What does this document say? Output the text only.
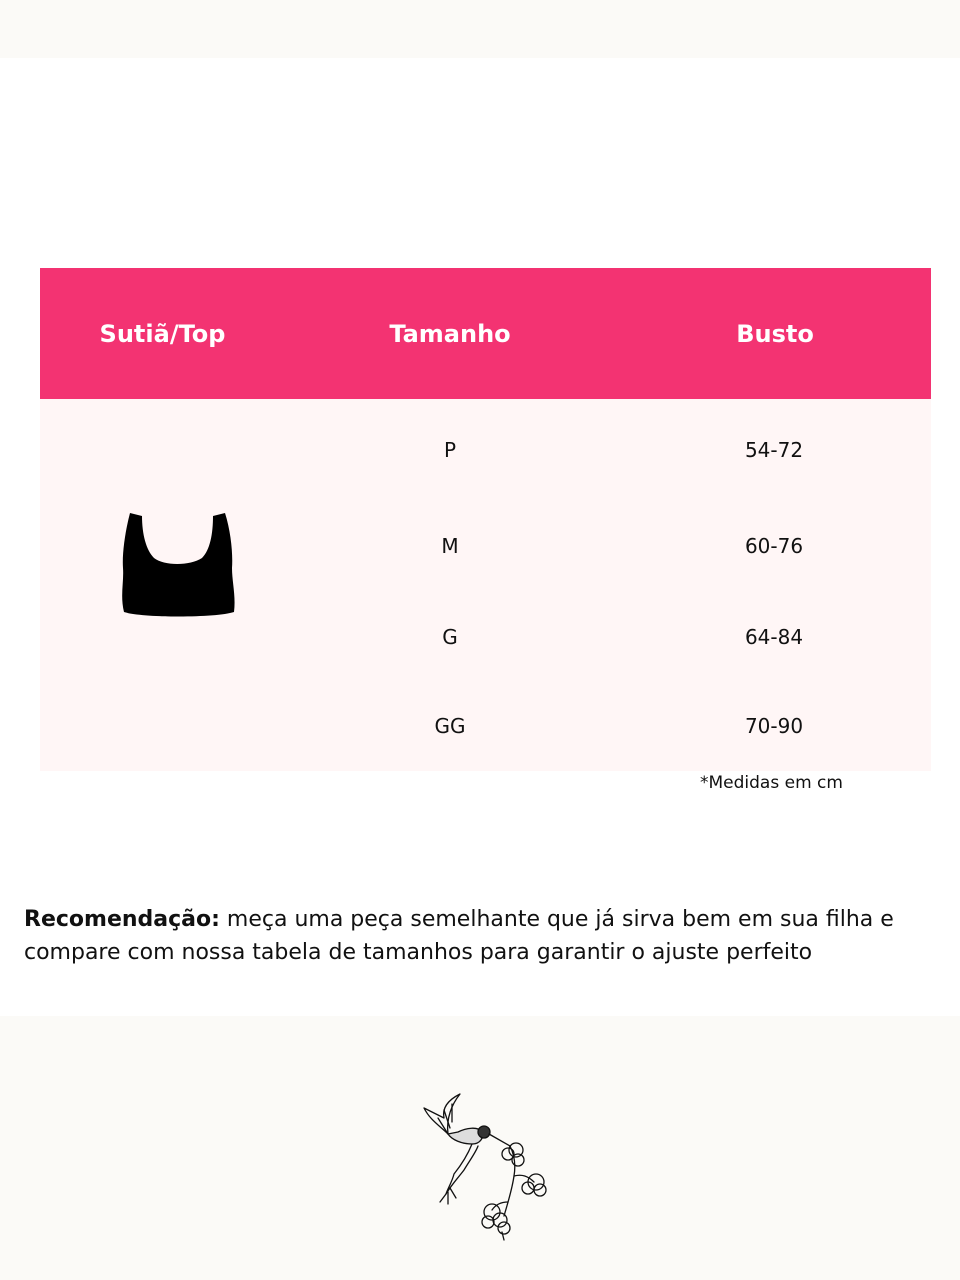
Sutiã/Top	Tamanho	Busto
P	54-72
M	60-76
G	64-84
GG	70-90
*Medidas em cm
Recomendação: meça uma peça semelhante que já sirva bem em sua filha e compare com nossa tabela de tamanhos para garantir o ajuste perfeito
